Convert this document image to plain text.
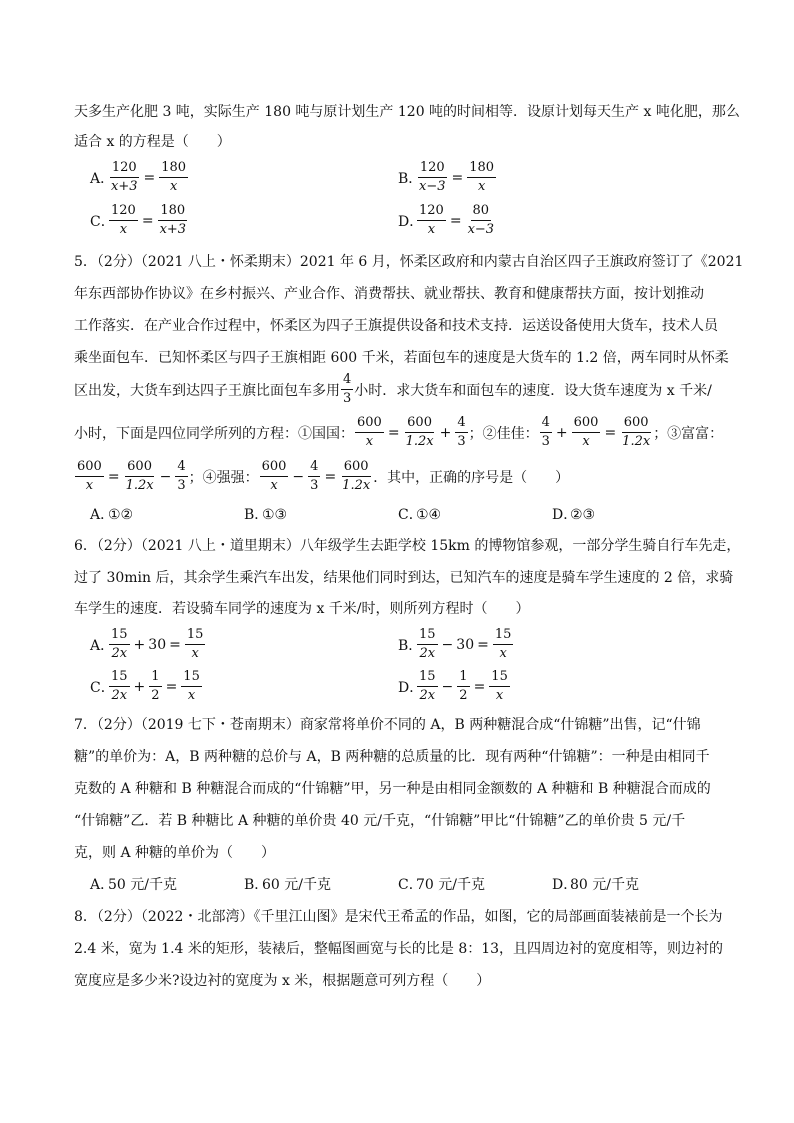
天多生产化肥 3 吨，实际生产 180 吨与原计划生产 120 吨的时间相等．设原计划每天生产 x 吨化肥，那么
适合 x 的方程是（　　）
A．
$\frac{120}{x+3} = \frac{180}{x}$	B．
$\frac{120}{x-3} = \frac{180}{x}$
C．
$\frac{120}{x} = \frac{180}{x+3}$	D．
$\frac{120}{x} = \frac{80}{x-3}$
5．（2分）（2021 八上・怀柔期末）2021 年 6 月，怀柔区政府和内蒙古自治区四子王旗政府签订了《2021
年东西部协作协议》在乡村振兴、产业合作、消费帮扶、就业帮扶、教育和健康帮扶方面，按计划推动
工作落实．在产业合作过程中，怀柔区为四子王旗提供设备和技术支持．运送设备使用大货车，技术人员
乘坐面包车．已知怀柔区与四子王旗相距 600 千米，若面包车的速度是大货车的 1.2 倍，两车同时从怀柔
区出发，大货车到达四子王旗比面包车多用 $\frac{4}{3}$ 小时．求大货车和面包车的速度．设大货车速度为 x 千米/
小时，下面是四位同学所列的方程：①国国： $\frac{600}{x} = \frac{600}{1.2x} + \frac{4}{3}$ ；②佳佳： $\frac{4}{3} + \frac{600}{x} = \frac{600}{1.2x}$ ；③富富：
$\frac{600}{x} = \frac{600}{1.2x} - \frac{4}{3}$ ；④强强： $\frac{600}{x} - \frac{4}{3} = \frac{600}{1.2x}$ ．其中，正确的序号是（　　）
A．①②	B．①③	C．①④	D．②③
6．（2分）（2021 八上・道里期末）八年级学生去距学校 15km 的博物馆参观，一部分学生骑自行车先走，
过了 30min 后，其余学生乘汽车出发，结果他们同时到达，已知汽车的速度是骑车学生速度的 2 倍，求骑
车学生的速度．若设骑车同学的速度为 x 千米/时，则所列方程时（　　）
A．
$\frac{15}{2x} + 30 = \frac{15}{x}$	B．
$\frac{15}{2x} - 30 = \frac{15}{x}$
C．
$\frac{15}{2x} + \frac{1}{2} = \frac{15}{x}$	D．
$\frac{15}{2x} - \frac{1}{2} = \frac{15}{x}$
7．（2分）（2019 七下・苍南期末）商家常将单价不同的 A，B 两种糖混合成“什锦糖”出售，记“什锦
糖”的单价为：A，B 两种糖的总价与 A，B 两种糖的总质量的比．现有两种“什锦糖”：一种是由相同千
克数的 A 种糖和 B 种糖混合而成的“什锦糖”甲，另一种是由相同金额数的 A 种糖和 B 种糖混合而成的
“什锦糖”乙．若 B 种糖比 A 种糖的单价贵 40 元/千克，“什锦糖”甲比“什锦糖”乙的单价贵 5 元/千
克，则 A 种糖的单价为（　　）
A．50 元/千克	B．60 元/千克	C．70 元/千克	D．80 元/千克
8．（2分）（2022・北部湾）《千里江山图》是宋代王希孟的作品，如图，它的局部画面装裱前是一个长为
2.4 米，宽为 1.4 米的矩形，装裱后，整幅图画宽与长的比是 8：13，且四周边衬的宽度相等，则边衬的
宽度应是多少米?设边衬的宽度为 x 米，根据题意可列方程（　　）
